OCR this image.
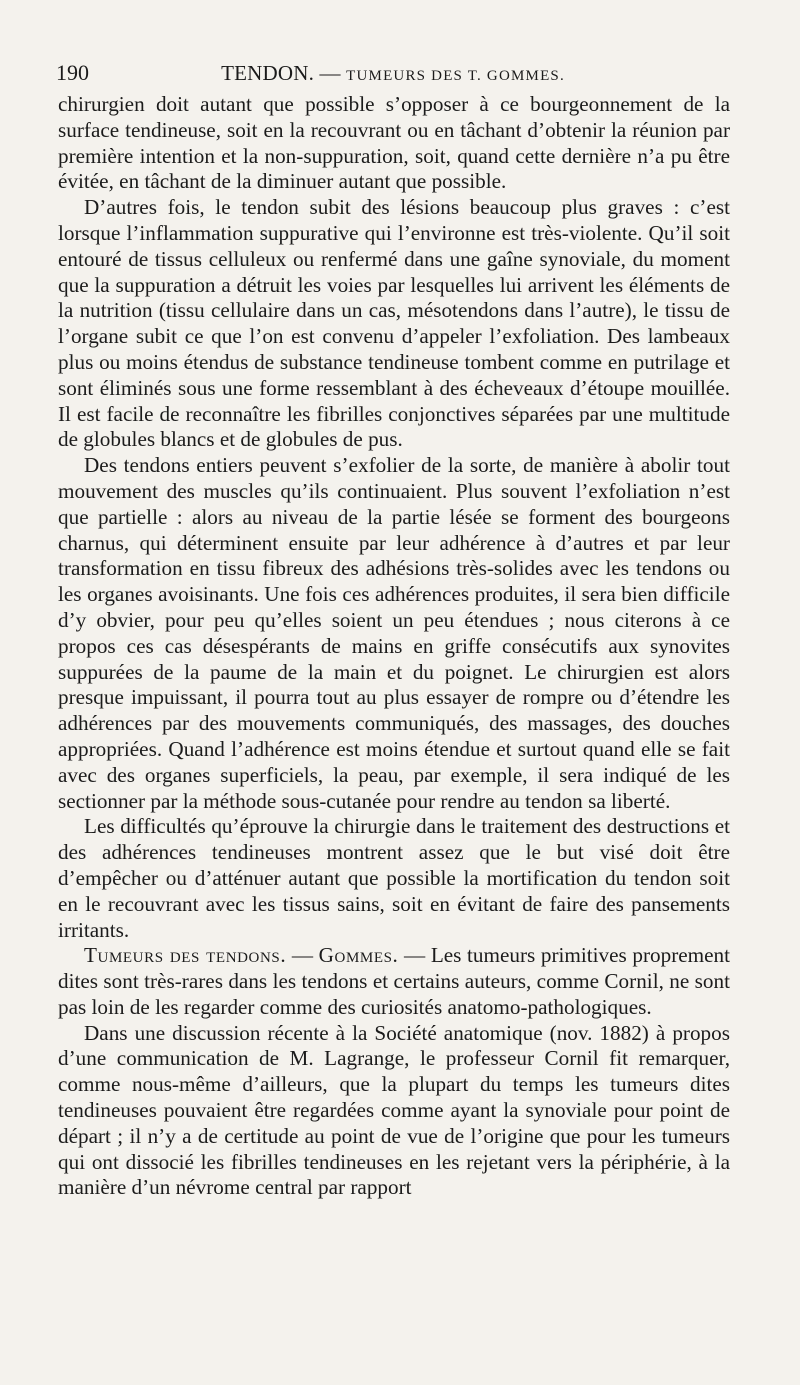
190	TENDON. — TUMEURS DES T. GOMMES.

chirurgien doit autant que possible s’opposer à ce bourgeonnement de la surface tendineuse, soit en la recouvrant ou en tâchant d’obtenir la réunion par première intention et la non-suppuration, soit, quand cette dernière n’a pu être évitée, en tâchant de la diminuer autant que possible.

D’autres fois, le tendon subit des lésions beaucoup plus graves : c’est lorsque l’inflammation suppurative qui l’environne est très-violente. Qu’il soit entouré de tissus celluleux ou renfermé dans une gaîne synoviale, du moment que la suppuration a détruit les voies par lesquelles lui arrivent les éléments de la nutrition (tissu cellulaire dans un cas, mésotendons dans l’autre), le tissu de l’organe subit ce que l’on est convenu d’appeler l’exfoliation. Des lambeaux plus ou moins étendus de substance tendineuse tombent comme en putrilage et sont éliminés sous une forme ressemblant à des écheveaux d’étoupe mouillée. Il est facile de reconnaître les fibrilles conjonctives séparées par une multitude de globules blancs et de globules de pus.

Des tendons entiers peuvent s’exfolier de la sorte, de manière à abolir tout mouvement des muscles qu’ils continuaient. Plus souvent l’exfoliation n’est que partielle : alors au niveau de la partie lésée se forment des bourgeons charnus, qui déterminent ensuite par leur adhérence à d’autres et par leur transformation en tissu fibreux des adhésions très-solides avec les tendons ou les organes avoisinants. Une fois ces adhérences produites, il sera bien difficile d’y obvier, pour peu qu’elles soient un peu étendues ; nous citerons à ce propos ces cas désespérants de mains en griffe consécutifs aux synovites suppurées de la paume de la main et du poignet. Le chirurgien est alors presque impuissant, il pourra tout au plus essayer de rompre ou d’étendre les adhérences par des mouvements communiqués, des massages, des douches appropriées. Quand l’adhérence est moins étendue et surtout quand elle se fait avec des organes superficiels, la peau, par exemple, il sera indiqué de les sectionner par la méthode sous-cutanée pour rendre au tendon sa liberté.

Les difficultés qu’éprouve la chirurgie dans le traitement des destructions et des adhérences tendineuses montrent assez que le but visé doit être d’empêcher ou d’atténuer autant que possible la mortification du tendon soit en le recouvrant avec les tissus sains, soit en évitant de faire des pansements irritants.

Tumeurs des tendons. — Gommes. — Les tumeurs primitives proprement dites sont très-rares dans les tendons et certains auteurs, comme Cornil, ne sont pas loin de les regarder comme des curiosités anatomo-pathologiques.

Dans une discussion récente à la Société anatomique (nov. 1882) à propos d’une communication de M. Lagrange, le professeur Cornil fit remarquer, comme nous-même d’ailleurs, que la plupart du temps les tumeurs dites tendineuses pouvaient être regardées comme ayant la synoviale pour point de départ ; il n’y a de certitude au point de vue de l’origine que pour les tumeurs qui ont dissocié les fibrilles tendineuses en les rejetant vers la périphérie, à la manière d’un névrome central par rapport
